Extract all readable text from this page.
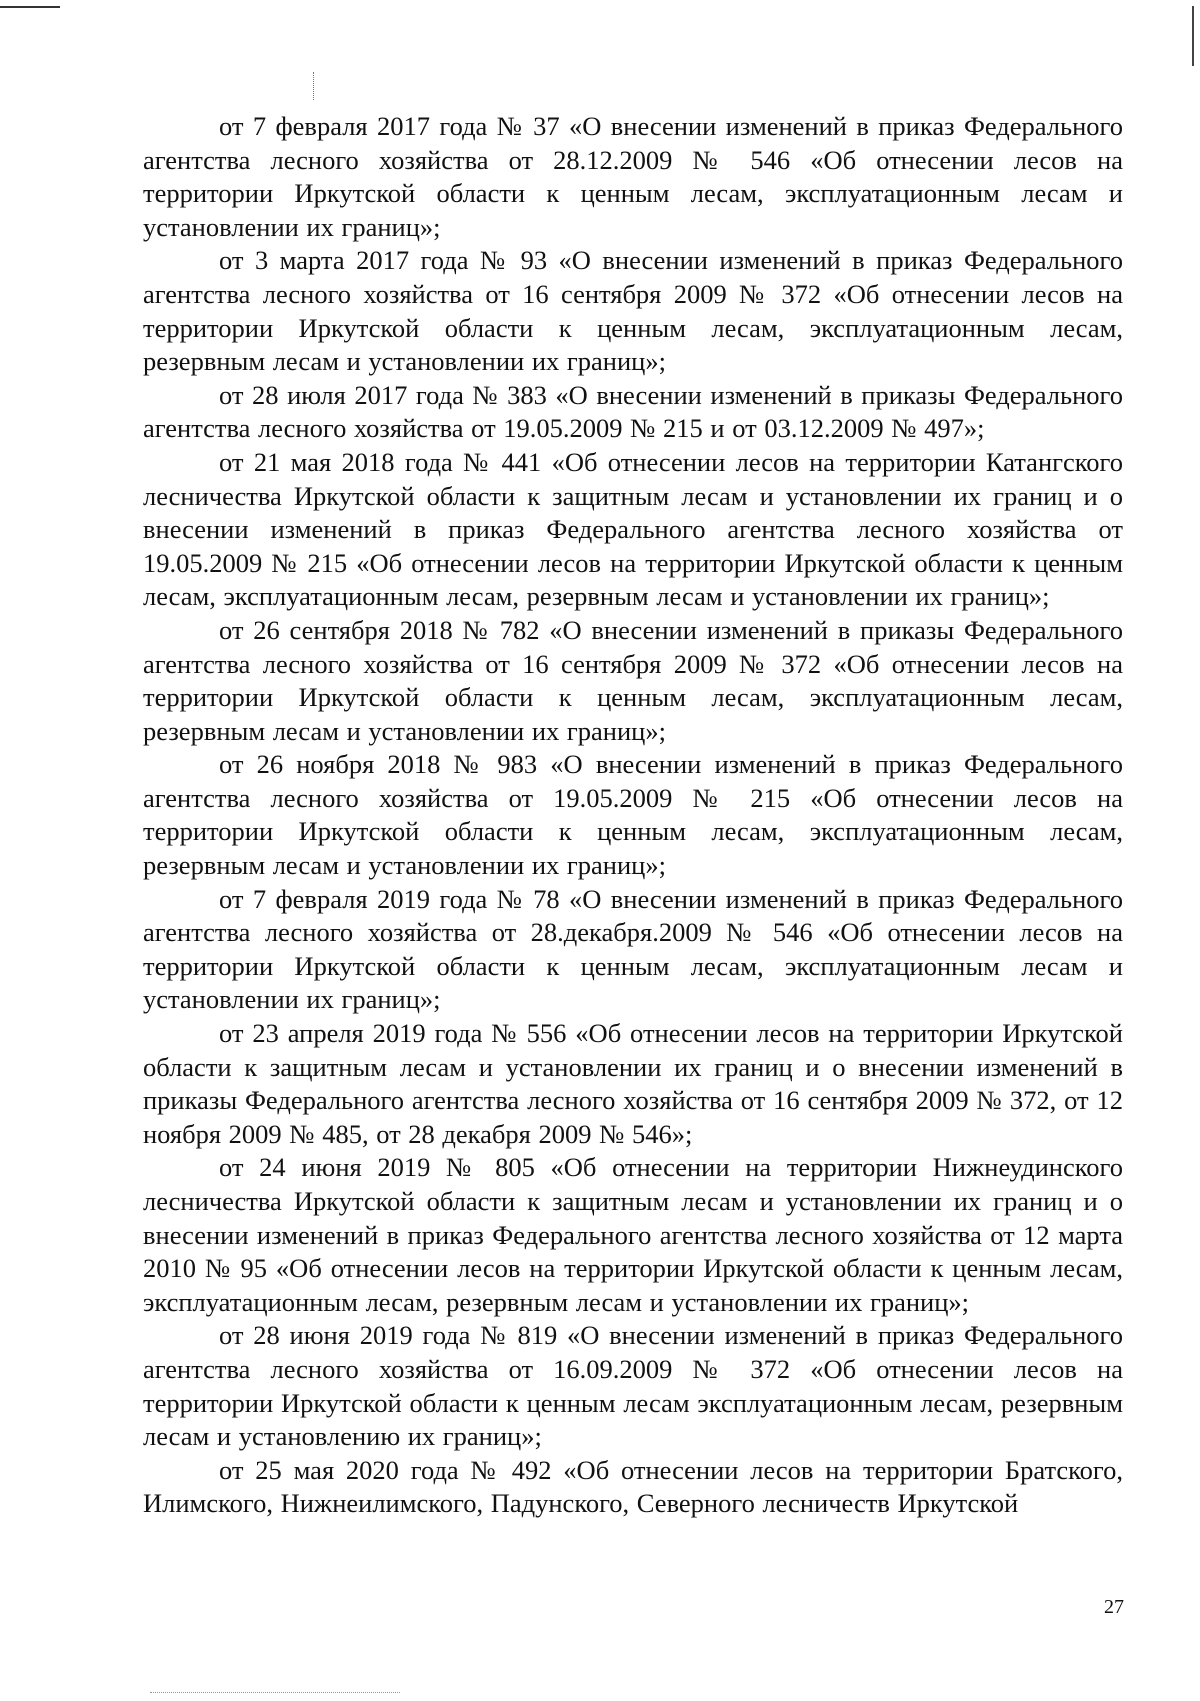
от 7 февраля 2017 года № 37 «О внесении изменений в приказ Федерального агентства лесного хозяйства от 28.12.2009 № 546 «Об отнесении лесов на территории Иркутской области к ценным лесам, эксплуатационным лесам и установлении их границ»;

от 3 марта 2017 года № 93 «О внесении изменений в приказ Федерального агентства лесного хозяйства от 16 сентября 2009 № 372 «Об отнесении лесов на территории Иркутской области к ценным лесам, эксплуатационным лесам, резервным лесам и установлении их границ»;

от 28 июля 2017 года № 383 «О внесении изменений в приказы Федерального агентства лесного хозяйства от 19.05.2009 № 215 и от 03.12.2009 № 497»;

от 21 мая 2018 года № 441 «Об отнесении лесов на территории Катангского лесничества Иркутской области к защитным лесам и установлении их границ и о внесении изменений в приказ Федерального агентства лесного хозяйства от 19.05.2009 № 215 «Об отнесении лесов на территории Иркутской области к ценным лесам, эксплуатационным лесам, резервным лесам и установлении их границ»;

от 26 сентября 2018 № 782 «О внесении изменений в приказы Федерального агентства лесного хозяйства от 16 сентября 2009 № 372 «Об отнесении лесов на территории Иркутской области к ценным лесам, эксплуатационным лесам, резервным лесам и установлении их границ»;

от 26 ноября 2018 № 983 «О внесении изменений в приказ Федерального агентства лесного хозяйства от 19.05.2009 № 215 «Об отнесении лесов на территории Иркутской области к ценным лесам, эксплуатационным лесам, резервным лесам и установлении их границ»;

от 7 февраля 2019 года № 78 «О внесении изменений в приказ Федерального агентства лесного хозяйства от 28.декабря.2009 № 546 «Об отнесении лесов на территории Иркутской области к ценным лесам, эксплуатационным лесам и установлении их границ»;

от 23 апреля 2019 года № 556 «Об отнесении лесов на территории Иркутской области к защитным лесам и установлении их границ и о внесении изменений в приказы Федерального агентства лесного хозяйства от 16 сентября 2009 № 372, от 12 ноября 2009 № 485, от 28 декабря 2009 № 546»;

от 24 июня 2019 № 805 «Об отнесении на территории Нижнеудинского лесничества Иркутской области к защитным лесам и установлении их границ и о внесении изменений в приказ Федерального агентства лесного хозяйства от 12 марта 2010 № 95 «Об отнесении лесов на территории Иркутской области к ценным лесам, эксплуатационным лесам, резервным лесам и установлении их границ»;

от 28 июня 2019 года № 819 «О внесении изменений в приказ Федерального агентства лесного хозяйства от 16.09.2009 № 372 «Об отнесении лесов на территории Иркутской области к ценным лесам эксплуатационным лесам, резервным лесам и установлению их границ»;

от 25 мая 2020 года № 492 «Об отнесении лесов на территории Братского, Илимского, Нижнеилимского, Падунского, Северного лесничеств Иркутской

27
